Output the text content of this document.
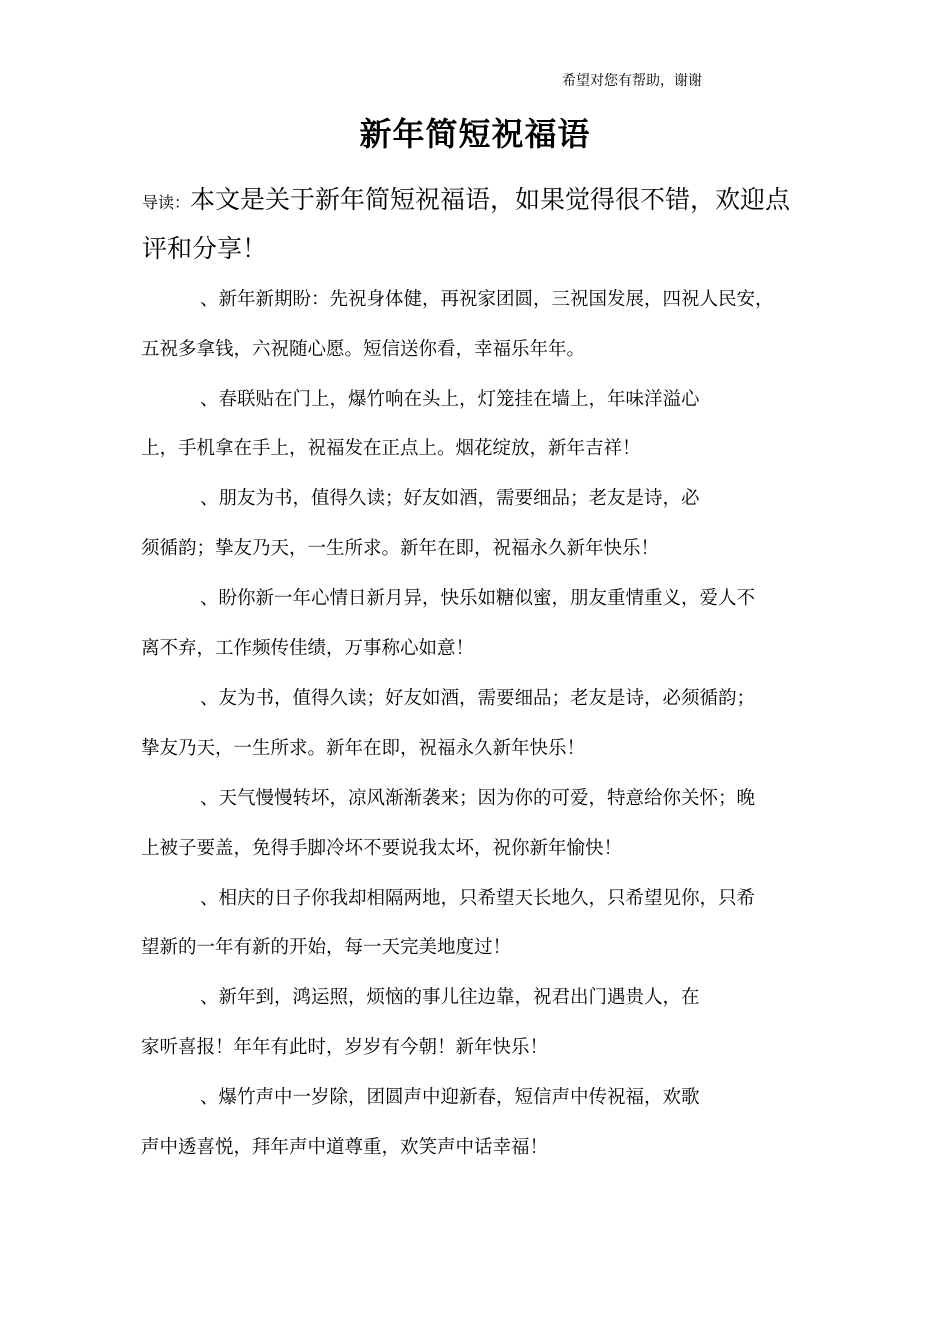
希望对您有帮助，谢谢
新年简短祝福语
导读：本文是关于新年简短祝福语，如果觉得很不错，欢迎点
评和分享！
、新年新期盼：先祝身体健，再祝家团圆，三祝国发展，四祝人民安，
五祝多拿钱，六祝随心愿。短信送你看，幸福乐年年。
、春联贴在门上，爆竹响在头上，灯笼挂在墙上，年味洋溢心
上，手机拿在手上，祝福发在正点上。烟花绽放，新年吉祥！
、朋友为书，值得久读；好友如酒，需要细品；老友是诗，必
须循韵；挚友乃天，一生所求。新年在即，祝福永久新年快乐！
、盼你新一年心情日新月异，快乐如糖似蜜，朋友重情重义，爱人不
离不弃，工作频传佳绩，万事称心如意！
、友为书，值得久读；好友如酒，需要细品；老友是诗，必须循韵；
挚友乃天，一生所求。新年在即，祝福永久新年快乐！
、天气慢慢转坏，凉风渐渐袭来；因为你的可爱，特意给你关怀；晚
上被子要盖，免得手脚冷坏不要说我太坏，祝你新年愉快！
、相庆的日子你我却相隔两地，只希望天长地久，只希望见你，只希
望新的一年有新的开始，每一天完美地度过！
、新年到，鸿运照，烦恼的事儿往边靠，祝君出门遇贵人，在
家听喜报！年年有此时，岁岁有今朝！新年快乐！
、爆竹声中一岁除，团圆声中迎新春，短信声中传祝福，欢歌
声中透喜悦，拜年声中道尊重，欢笑声中话幸福！
